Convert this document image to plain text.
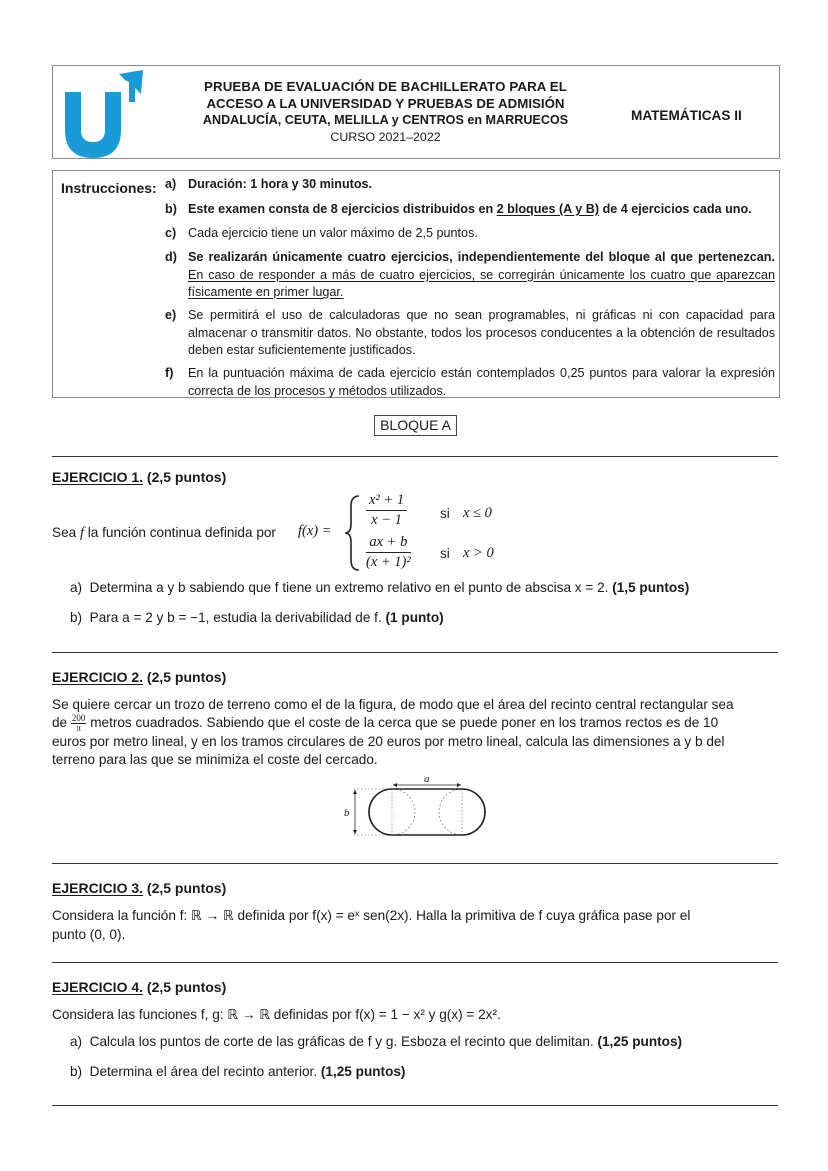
PRUEBA DE EVALUACIÓN DE BACHILLERATO PARA EL
ACCESO A LA UNIVERSIDAD Y PRUEBAS DE ADMISIÓN
ANDALUCÍA, CEUTA, MELILLA y CENTROS en MARRUECOS
CURSO 2021–2022
MATEMÁTICAS II
Instrucciones: a) Duración: 1 hora y 30 minutos.
b) Este examen consta de 8 ejercicios distribuidos en 2 bloques (A y B) de 4 ejercicios cada uno.
c) Cada ejercicio tiene un valor máximo de 2,5 puntos.
d) Se realizarán únicamente cuatro ejercicios, independientemente del bloque al que pertenezcan. En caso de responder a más de cuatro ejercicios, se corregirán únicamente los cuatro que aparezcan físicamente en primer lugar.
e) Se permitirá el uso de calculadoras que no sean programables, ni gráficas ni con capacidad para almacenar o transmitir datos. No obstante, todos los procesos conducentes a la obtención de resultados deben estar suficientemente justificados.
f)	En la puntuación máxima de cada ejercicio están contemplados 0,25 puntos para valorar la expresión correcta de los procesos y métodos utilizados.
BLOQUE A
EJERCICIO 1. (2,5 puntos)
Sea f la función continua definida por	f(x) =
$\frac{\text{x² + 1}}{x - 1}$ si x ≤ 0
$\frac{ax + b}{\text{(x + 1)²}}$ si x > 0
a) Determina a y b sabiendo que f tiene un extremo relativo en el punto de abscisa x = 2. (1,5 puntos)
b) Para a = 2 y b = −1, estudia la derivabilidad de f. (1 punto)
EJERCICIO 2. (2,5 puntos)
Se quiere cercar un trozo de terreno como el de la figura, de modo que el área del recinto central rectangular sea
de $\frac{200}{\pi}$ metros cuadrados. Sabiendo que el coste de la cerca que se puede poner en los tramos rectos es de 10
euros por metro lineal, y en los tramos circulares de 20 euros por metro lineal, calcula las dimensiones a y b del
terreno para las que se minimiza el coste del cercado.
a
b
EJERCICIO 3. (2,5 puntos)
Considera la función f: ℝ → ℝ definida por f(x) = eˣ sen(2x). Halla la primitiva de f cuya gráfica pase por el
punto (0, 0).
EJERCICIO 4. (2,5 puntos)
Considera las funciones f, g: ℝ → ℝ definidas por f(x) = 1 − x² y g(x) = 2x².
a) Calcula los puntos de corte de las gráficas de f y g. Esboza el recinto que delimitan. (1,25 puntos)
b) Determina el área del recinto anterior. (1,25 puntos)
